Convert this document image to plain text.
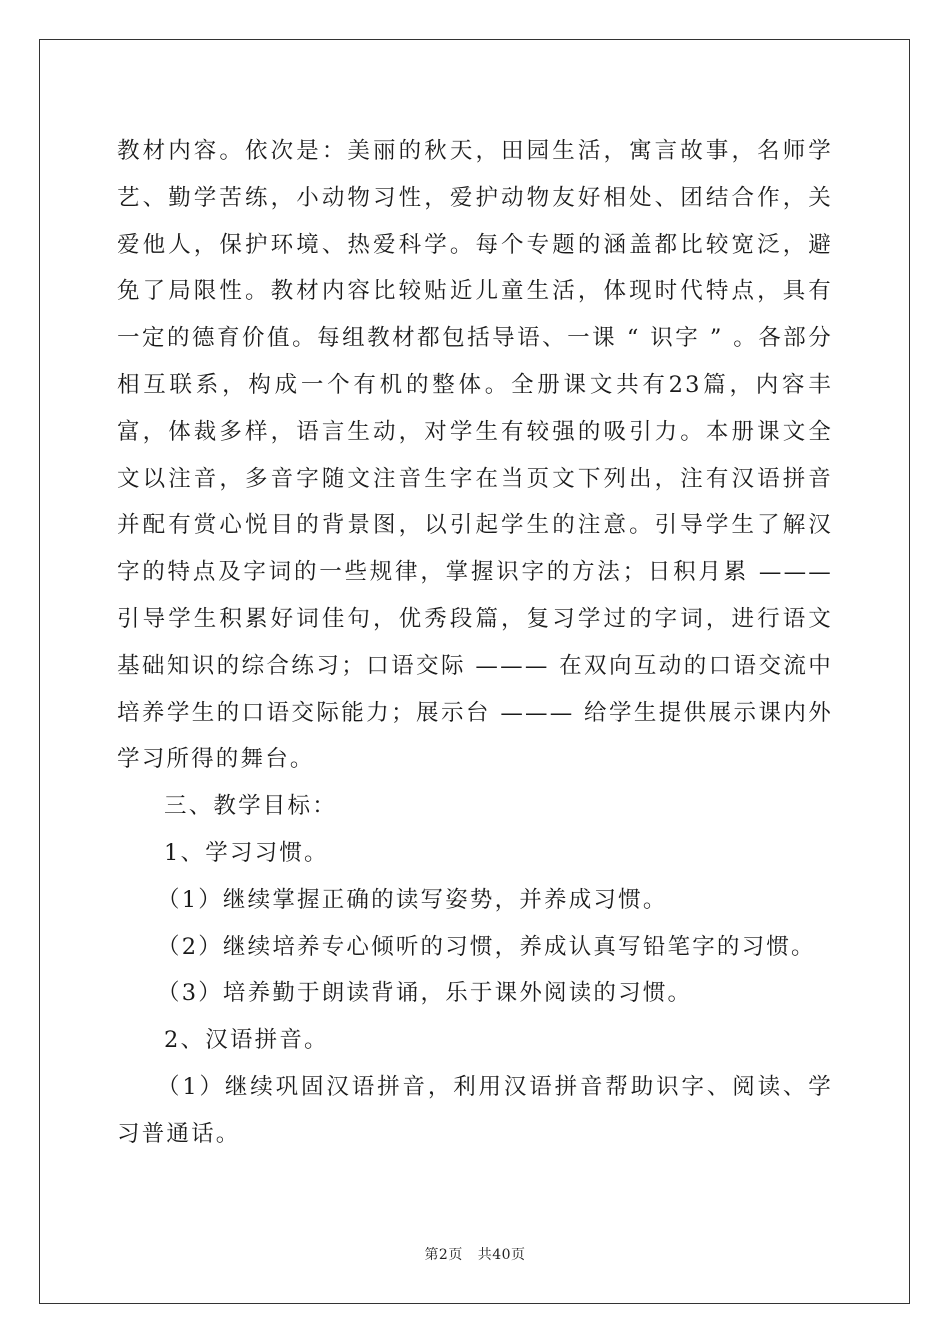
教材内容。依次是：美丽的秋天，田园生活，寓言故事，名师学艺、勤学苦练，小动物习性，爱护动物友好相处、团结合作，关爱他人，保护环境、热爱科学。每个专题的涵盖都比较宽泛，避免了局限性。教材内容比较贴近儿童生活，体现时代特点，具有一定的德育价值。每组教材都包括导语、一课 “ 识字 ” 。各部分相互联系，构成一个有机的整体。全册课文共有23篇，内容丰富，体裁多样，语言生动，对学生有较强的吸引力。本册课文全文以注音，多音字随文注音生字在当页文下列出，注有汉语拼音并配有赏心悦目的背景图，以引起学生的注意。引导学生了解汉字的特点及字词的一些规律，掌握识字的方法；日积月累 ——— 引导学生积累好词佳句，优秀段篇，复习学过的字词，进行语文基础知识的综合练习；口语交际 ——— 在双向互动的口语交流中培养学生的口语交际能力；展示台 ——— 给学生提供展示课内外学习所得的舞台。

三、教学目标：

1、学习习惯。

（1）继续掌握正确的读写姿势，并养成习惯。

（2）继续培养专心倾听的习惯，养成认真写铅笔字的习惯。

（3）培养勤于朗读背诵，乐于课外阅读的习惯。

2、汉语拼音。

（1）继续巩固汉语拼音，利用汉语拼音帮助识字、阅读、学习普通话。

第2页 共40页
